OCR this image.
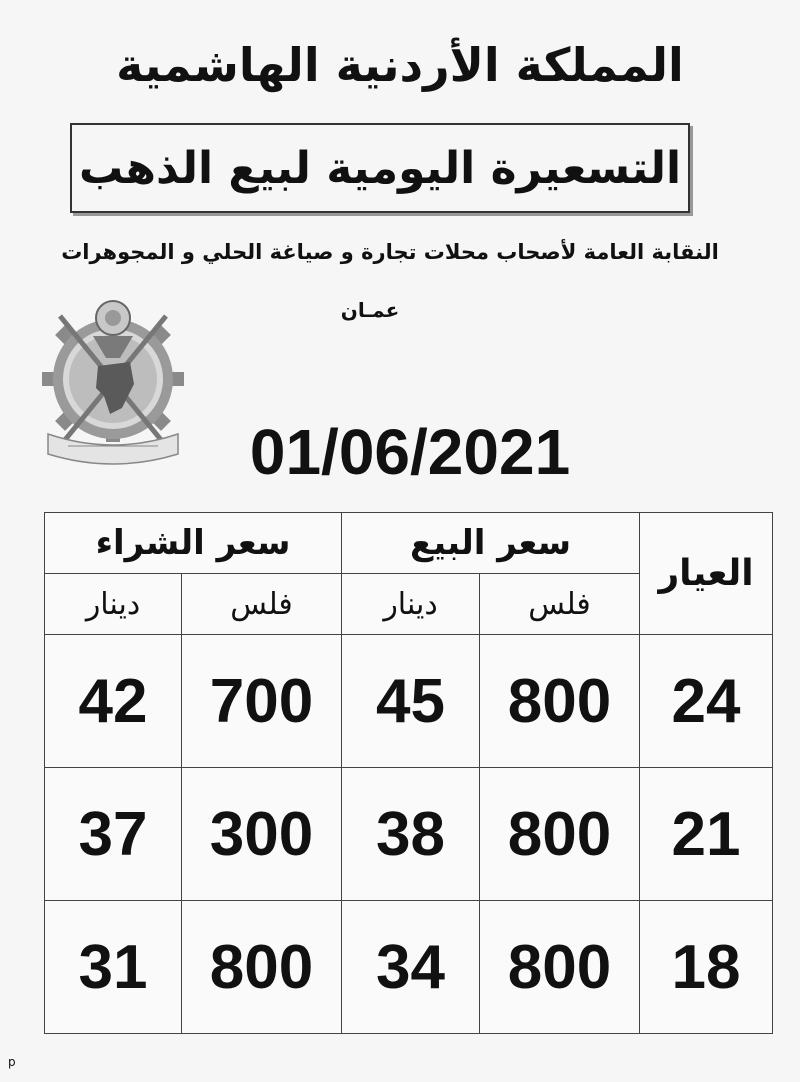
المملكة الأردنية الهاشمية
التسعيرة اليومية لبيع الذهب
النقابة العامة لأصحاب محلات تجارة و صياغة الحلي و المجوهرات
عمـان
01/06/2021
العيار	سعر البيع		سعر الشراء	
	فلس	دينار	فلس	دينار
24	800	45	700	42
21	800	38	300	37
18	800	34	800	31
p
